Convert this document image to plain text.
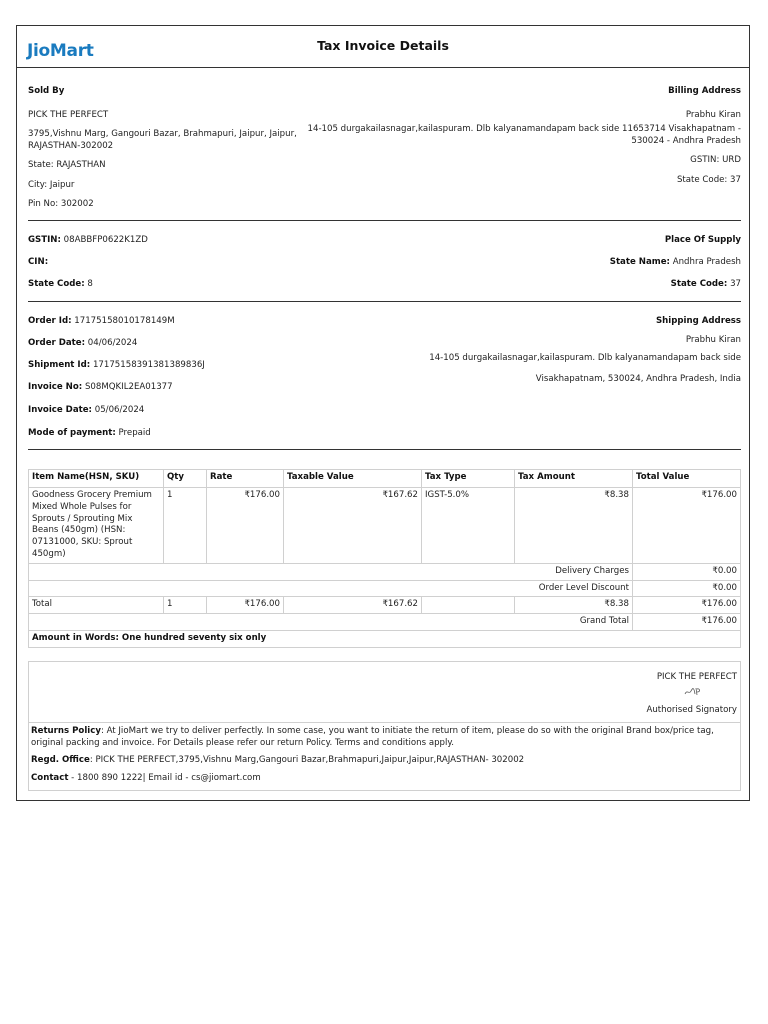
JioMart	Tax Invoice Details
Sold By
PICK THE PERFECT
3795,Vishnu Marg, Gangouri Bazar, Brahmapuri, Jaipur, Jaipur,
RAJASTHAN-302002
State: RAJASTHAN
City: Jaipur
Pin No: 302002
Billing Address
Prabhu Kiran
14-105 durgakailasnagar,kailaspuram. Dlb kalyanamandapam back side 11653714 Visakhapatnam -
530024 - Andhra Pradesh
GSTIN: URD
State Code: 37
GSTIN: 08ABBFP0622K1ZD
CIN:
State Code: 8
Place Of Supply
State Name: Andhra Pradesh
State Code: 37
Order Id: 17175158010178149M
Order Date: 04/06/2024
Shipment Id: 17175158391381389836J
Invoice No: S08MQKIL2EA01377
Invoice Date: 05/06/2024
Mode of payment: Prepaid
Shipping Address
Prabhu Kiran
14-105 durgakailasnagar,kailaspuram. Dlb kalyanamandapam back side
Visakhapatnam, 530024, Andhra Pradesh, India
Item Name(HSN, SKU)	Qty	Rate	Taxable Value	Tax Type	Tax Amount	Total Value
Goodness Grocery Premium Mixed Whole Pulses for Sprouts / Sprouting Mix Beans (450gm) (HSN: 07131000, SKU: Sprout 450gm)	1	₹176.00	₹167.62	IGST-5.0%	₹8.38	₹176.00
Delivery Charges						₹0.00
Order Level Discount						₹0.00
Total	1	₹176.00	₹167.62		₹8.38	₹176.00
Grand Total						₹176.00
Amount in Words: One hundred seventy six only						
PICK THE PERFECT
Authorised Signatory
Returns Policy: At JioMart we try to deliver perfectly. In some case, you want to initiate the return of item, please do so with the original Brand box/price tag, original packing and invoice. For Details please refer our return Policy. Terms and conditions apply.
Regd. Office: PICK THE PERFECT,3795,Vishnu Marg,Gangouri Bazar,Brahmapuri,Jaipur,Jaipur,RAJASTHAN- 302002
Contact - 1800 890 1222| Email id - cs@jiomart.com
